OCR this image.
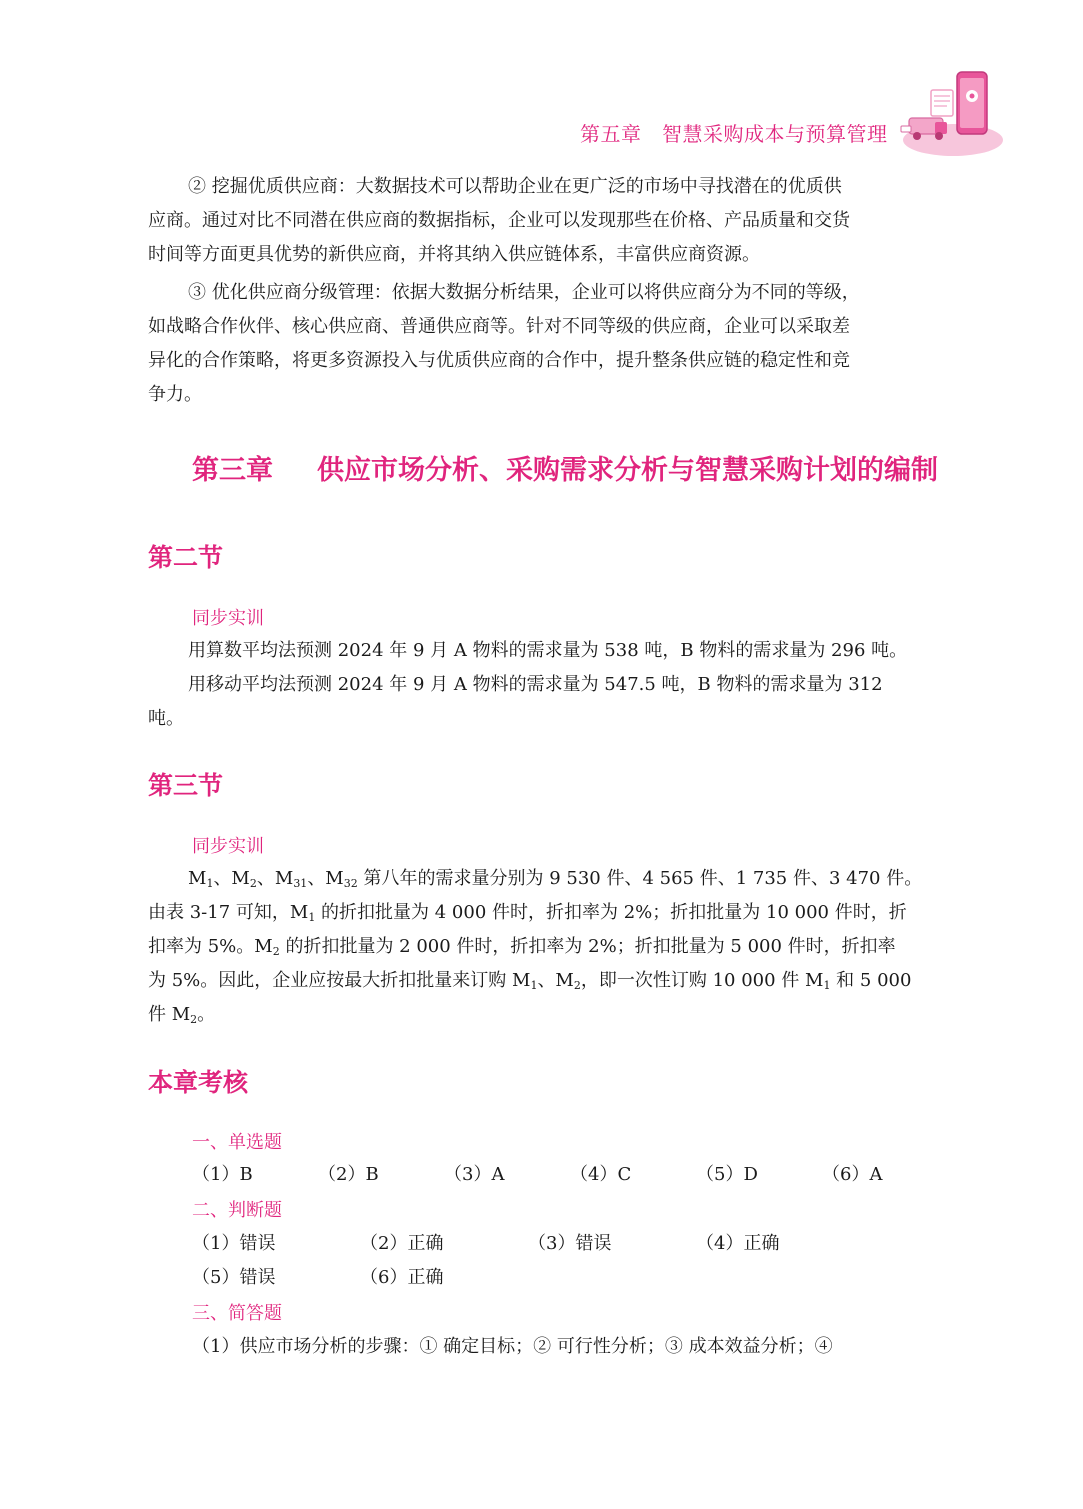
第五章　智慧采购成本与预算管理
② 挖掘优质供应商：大数据技术可以帮助企业在更广泛的市场中寻找潜在的优质供
应商。通过对比不同潜在供应商的数据指标，企业可以发现那些在价格、产品质量和交货
时间等方面更具优势的新供应商，并将其纳入供应链体系，丰富供应商资源。
③ 优化供应商分级管理：依据大数据分析结果，企业可以将供应商分为不同的等级，
如战略合作伙伴、核心供应商、普通供应商等。针对不同等级的供应商，企业可以采取差
异化的合作策略，将更多资源投入与优质供应商的合作中，提升整条供应链的稳定性和竞
争力。
第三章 供应市场分析、采购需求分析与智慧采购计划的编制
第二节
同步实训
用算数平均法预测 2024 年 9 月 A 物料的需求量为 538 吨，B 物料的需求量为 296 吨。
用移动平均法预测 2024 年 9 月 A 物料的需求量为 547.5 吨，B 物料的需求量为 312
吨。
第三节
同步实训
$M_1$、$M_2$、$M_{31}$、$M_{32}$ 第八年的需求量分别为 9 530 件、4 565 件、1 735 件、3 470 件。
由表 3-17 可知，$M_1$ 的折扣批量为 4 000 件时，折扣率为 2%；折扣批量为 10 000 件时，折
扣率为 5%。$M_2$ 的折扣批量为 2 000 件时，折扣率为 2%；折扣批量为 5 000 件时，折扣率
为 5%。因此，企业应按最大折扣批量来订购 $M_1$、$M_2$，即一次性订购 10 000 件 $M_1$ 和 5 000
件 $M_2$。
本章考核
一、单选题
（1）B	（2）B	（3）A	（4）C	（5）D	（6）A
二、判断题
（1）错误	（2）正确	（3）错误	（4）正确
（5）错误	（6）正确
三、简答题
（1）供应市场分析的步骤：① 确定目标；② 可行性分析；③ 成本效益分析；④
